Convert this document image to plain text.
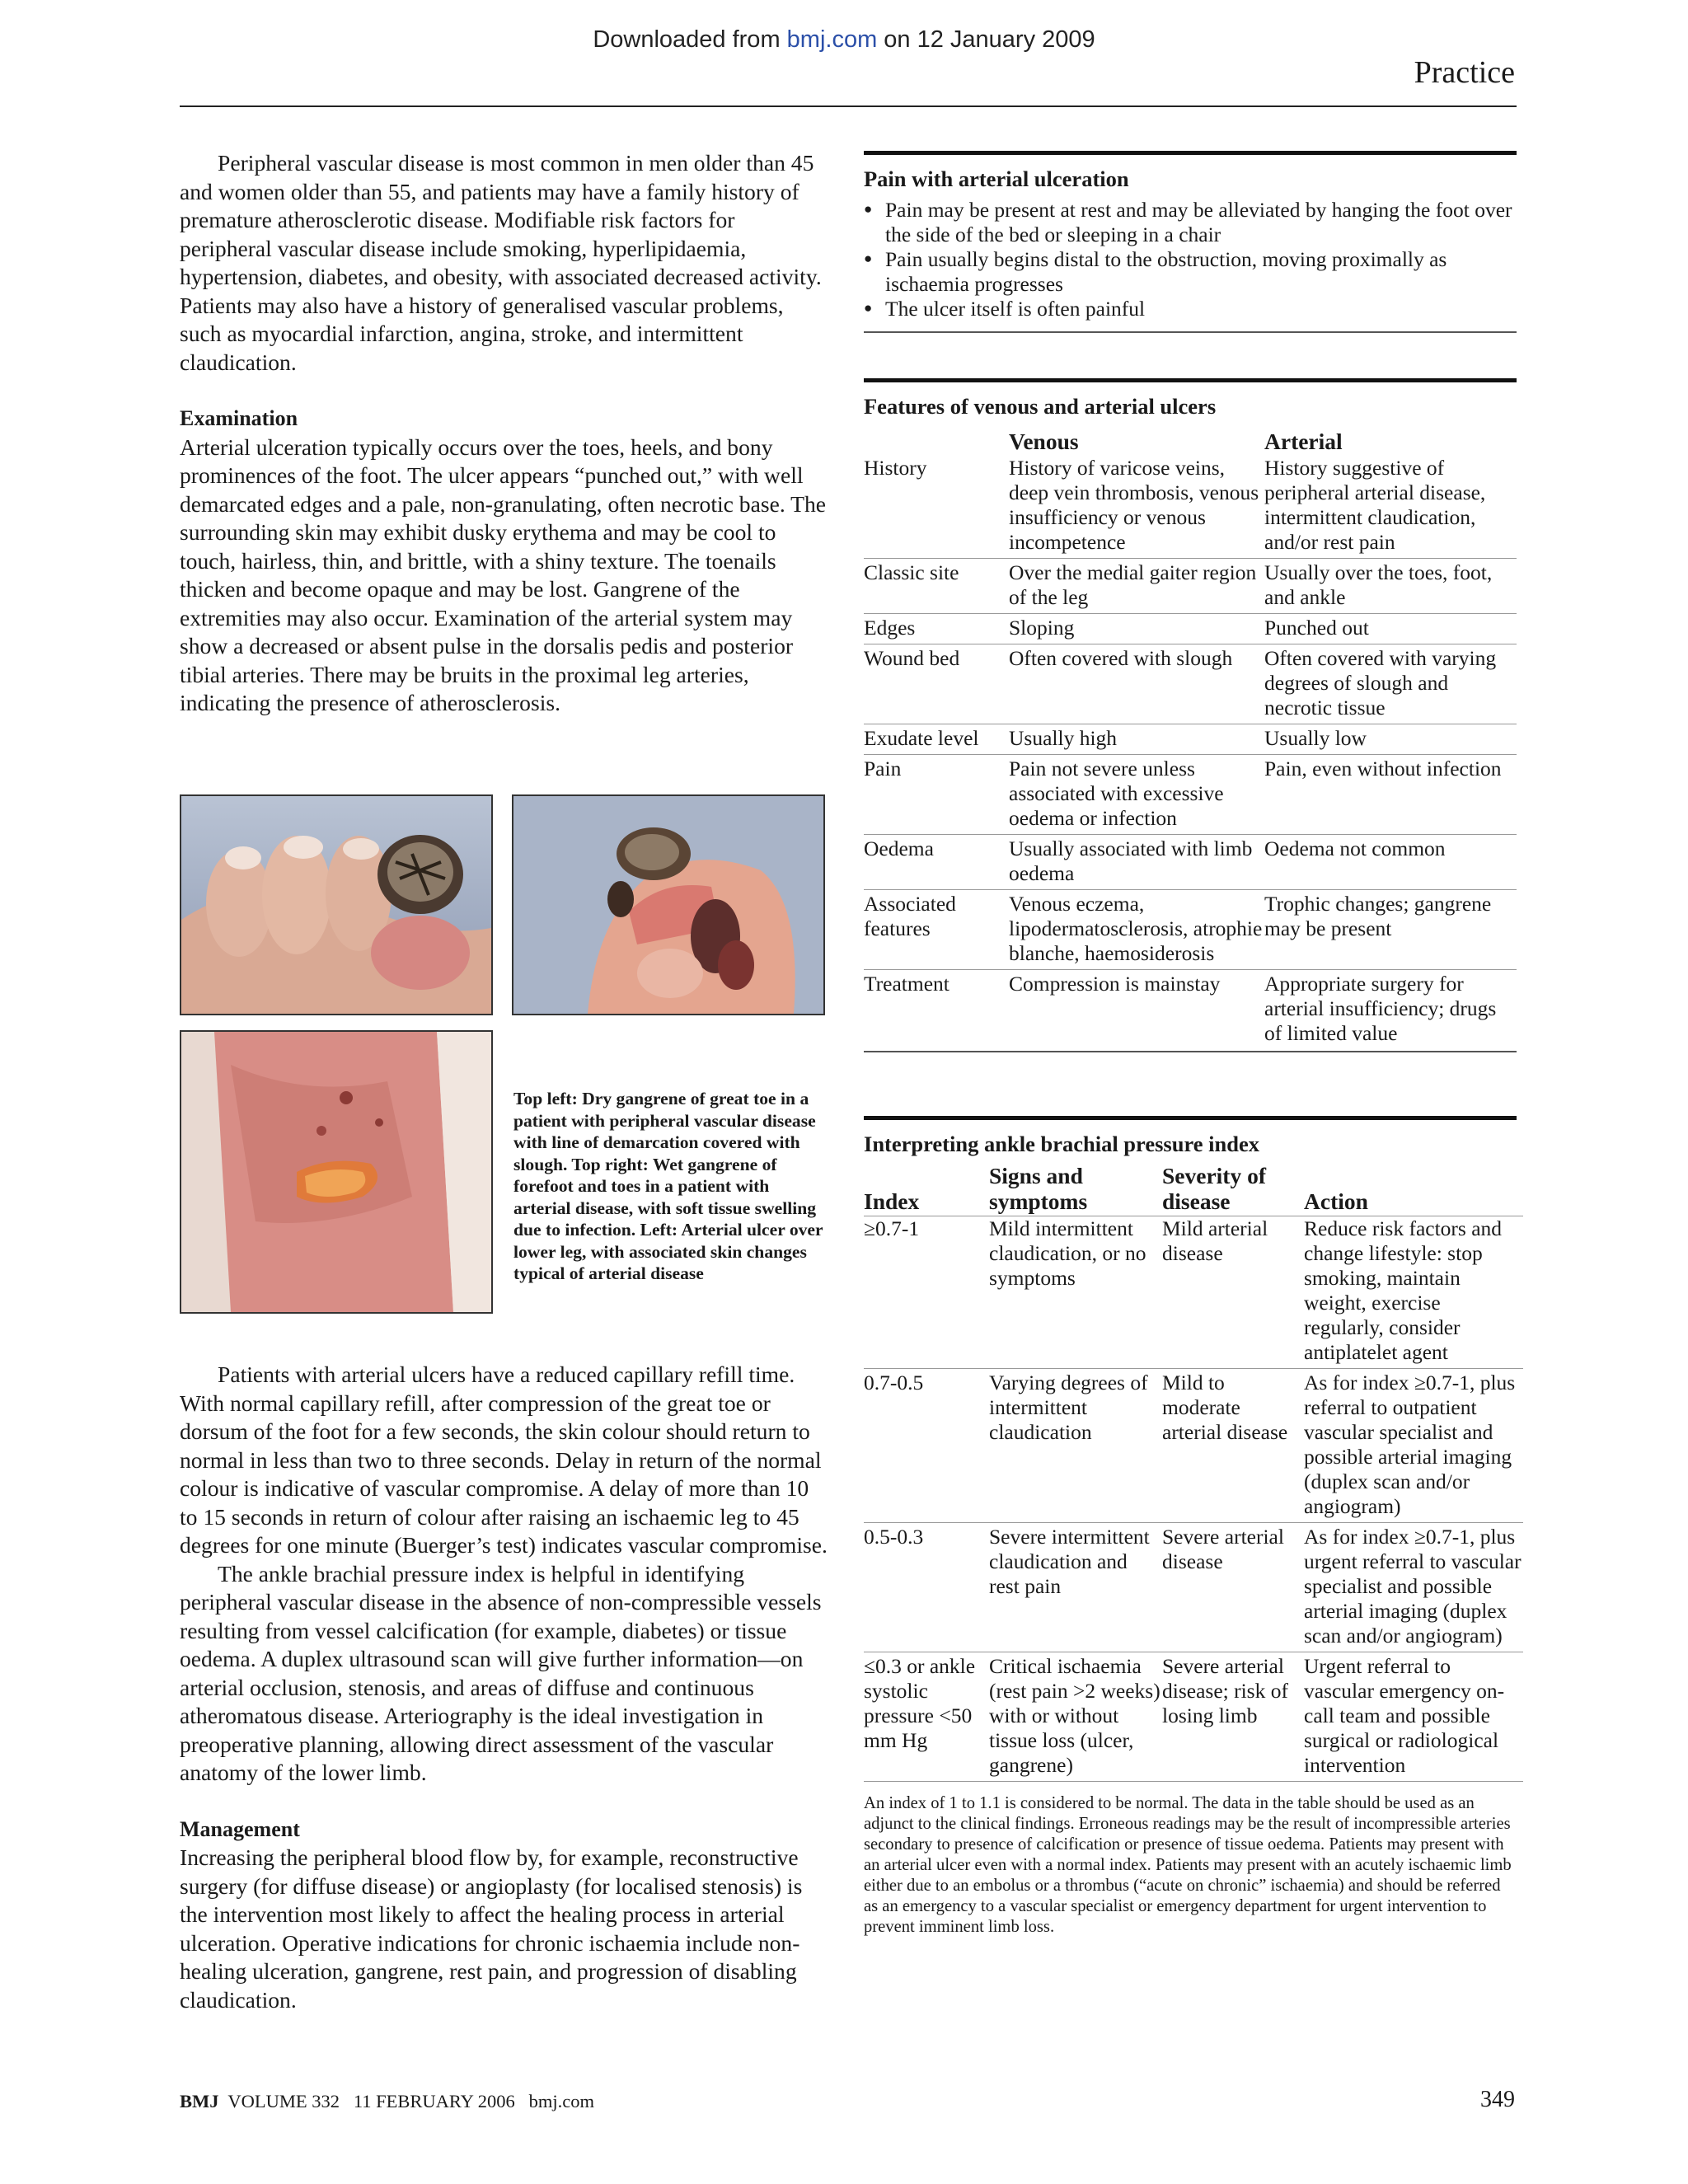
Downloaded from bmj.com on 12 January 2009
Practice

Peripheral vascular disease is most common in men older than 45 and women older than 55, and patients may have a family history of premature atherosclerotic disease. Modifiable risk factors for peripheral vascular disease include smoking, hyperlipidaemia, hypertension, diabetes, and obesity, with associated decreased activity. Patients may also have a history of generalised vascular problems, such as myocardial infarction, angina, stroke, and intermittent claudication.

Examination

Arterial ulceration typically occurs over the toes, heels, and bony prominences of the foot. The ulcer appears “punched out,” with well demarcated edges and a pale, non-granulating, often necrotic base. The surrounding skin may exhibit dusky erythema and may be cool to touch, hairless, thin, and brittle, with a shiny texture. The toenails thicken and become opaque and may be lost. Gangrene of the extremities may also occur. Examination of the arterial system may show a decreased or absent pulse in the dorsalis pedis and posterior tibial arteries. There may be bruits in the proximal leg arteries, indicating the presence of atherosclerosis.

Top left: Dry gangrene of great toe in a patient with peripheral vascular disease with line of demarcation covered with slough. Top right: Wet gangrene of forefoot and toes in a patient with arterial disease, with soft tissue swelling due to infection. Left: Arterial ulcer over lower leg, with associated skin changes typical of arterial disease

Patients with arterial ulcers have a reduced capillary refill time. With normal capillary refill, after compression of the great toe or dorsum of the foot for a few seconds, the skin colour should return to normal in less than two to three seconds. Delay in return of the normal colour is indicative of vascular compromise. A delay of more than 10 to 15 seconds in return of colour after raising an ischaemic leg to 45 degrees for one minute (Buerger’s test) indicates vascular compromise.

The ankle brachial pressure index is helpful in identifying peripheral vascular disease in the absence of non-compressible vessels resulting from vessel calcification (for example, diabetes) or tissue oedema. A duplex ultrasound scan will give further information—on arterial occlusion, stenosis, and areas of diffuse and continuous atheromatous disease. Arteriography is the ideal investigation in preoperative planning, allowing direct assessment of the vascular anatomy of the lower limb.

Management

Increasing the peripheral blood flow by, for example, reconstructive surgery (for diffuse disease) or angioplasty (for localised stenosis) is the intervention most likely to affect the healing process in arterial ulceration. Operative indications for chronic ischaemia include non-healing ulceration, gangrene, rest pain, and progression of disabling claudication.

Pain with arterial ulceration
● Pain may be present at rest and may be alleviated by hanging the foot over the side of the bed or sleeping in a chair
● Pain usually begins distal to the obstruction, moving proximally as ischaemia progresses
● The ulcer itself is often painful
Features of venous and arterial ulcers
	Venous	Arterial
History	History of varicose veins, deep vein thrombosis, venous insufficiency or venous incompetence	History suggestive of peripheral arterial disease, intermittent claudication, and/or rest pain
Classic site	Over the medial gaiter region of the leg	Usually over the toes, foot, and ankle
Edges	Sloping	Punched out
Wound bed	Often covered with slough	Often covered with varying degrees of slough and necrotic tissue
Exudate level	Usually high	Usually low
Pain	Pain not severe unless associated with excessive oedema or infection	Pain, even without infection
Oedema	Usually associated with limb oedema	Oedema not common
Associated features	Venous eczema, lipodermatosclerosis, atrophie blanche, haemosiderosis	Trophic changes; gangrene may be present
Treatment	Compression is mainstay	Appropriate surgery for arterial insufficiency; drugs of limited value
Interpreting ankle brachial pressure index
Index	Signs and symptoms	Severity of disease	Action
≥0.7-1	Mild intermittent claudication, or no symptoms	Mild arterial disease	Reduce risk factors and change lifestyle: stop smoking, maintain weight, exercise regularly, consider antiplatelet agent
0.7-0.5	Varying degrees of intermittent claudication	Mild to moderate arterial disease	As for index ≥0.7-1, plus referral to outpatient vascular specialist and possible arterial imaging (duplex scan and/or angiogram)
0.5-0.3	Severe intermittent claudication and rest pain	Severe arterial disease	As for index ≥0.7-1, plus urgent referral to vascular specialist and possible arterial imaging (duplex scan and/or angiogram)
≤0.3 or ankle systolic pressure <50 mm Hg	Critical ischaemia (rest pain >2 weeks) with or without tissue loss (ulcer, gangrene)	Severe arterial disease; risk of losing limb	Urgent referral to vascular emergency on-call team and possible surgical or radiological intervention
An index of 1 to 1.1 is considered to be normal. The data in the table should be used as an adjunct to the clinical findings. Erroneous readings may be the result of incompressible arteries secondary to presence of calcification or presence of tissue oedema. Patients may present with an arterial ulcer even with a normal index. Patients may present with an acutely ischaemic limb either due to an embolus or a thrombus (“acute on chronic” ischaemia) and should be referred as an emergency to a vascular specialist or emergency department for urgent intervention to prevent imminent limb loss.
BMJ VOLUME 332 11 FEBRUARY 2006 bmj.com	349
